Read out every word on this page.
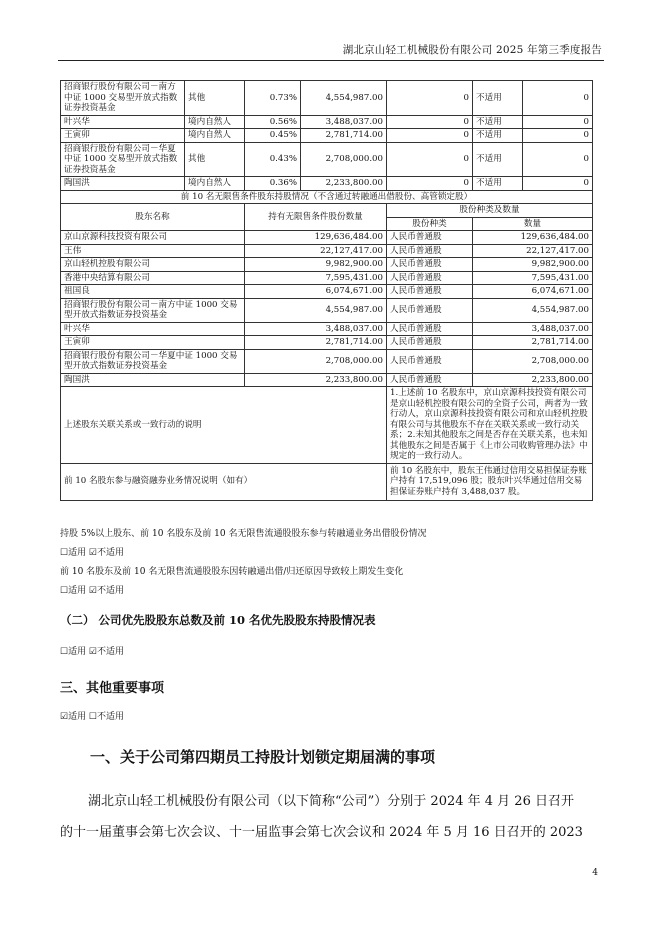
湖北京山轻工机械股份有限公司 2025 年第三季度报告
招商银行股份有限公司－南方中证 1000 交易型开放式指数证券投资基金	其他	0.73%	4,554,987.00	0	不适用	0
叶兴华	境内自然人	0.56%	3,488,037.00	0	不适用	0
王寅卯	境内自然人	0.45%	2,781,714.00	0	不适用	0
招商银行股份有限公司－华夏中证 1000 交易型开放式指数证券投资基金	其他	0.43%	2,708,000.00	0	不适用	0
陶国洪	境内自然人	0.36%	2,233,800.00	0	不适用	0
前 10 名无限售条件股东持股情况（不含通过转融通出借股份、高管锁定股）						
股东名称		持有无限售条件股份数量		股份种类及数量		
				股份种类	数量	
京山京源科技投资有限公司		129,636,484.00		人民币普通股	129,636,484.00	
王伟		22,127,417.00		人民币普通股	22,127,417.00	
京山轻机控股有限公司		9,982,900.00		人民币普通股	9,982,900.00	
香港中央结算有限公司		7,595,431.00		人民币普通股	7,595,431.00	
祖国良		6,074,671.00		人民币普通股	6,074,671.00	
招商银行股份有限公司－南方中证 1000 交易型开放式指数证券投资基金		4,554,987.00		人民币普通股	4,554,987.00	
叶兴华		3,488,037.00		人民币普通股	3,488,037.00	
王寅卯		2,781,714.00		人民币普通股	2,781,714.00	
招商银行股份有限公司－华夏中证 1000 交易型开放式指数证券投资基金		2,708,000.00		人民币普通股	2,708,000.00	
陶国洪		2,233,800.00		人民币普通股	2,233,800.00	
上述股东关联关系或一致行动的说明				1.上述前 10 名股东中，京山京源科技投资有限公司是京山轻机控股有限公司的全资子公司，两者为一致行动人，京山京源科技投资有限公司和京山轻机控股有限公司与其他股东不存在关联关系或一致行动关系；2.未知其他股东之间是否存在关联关系，也未知其他股东之间是否属于《上市公司收购管理办法》中规定的一致行动人。		
前 10 名股东参与融资融券业务情况说明（如有）				前 10 名股东中，股东王伟通过信用交易担保证券账户持有 17,519,096 股；股东叶兴华通过信用交易担保证券账户持有 3,488,037 股。		
持股 5%以上股东、前 10 名股东及前 10 名无限售流通股股东参与转融通业务出借股份情况
☐适用 ☑不适用
前 10 名股东及前 10 名无限售流通股股东因转融通出借/归还原因导致较上期发生变化
☐适用 ☑不适用
（二） 公司优先股股东总数及前 10 名优先股股东持股情况表
☐适用 ☑不适用
三、其他重要事项
☑适用 ☐不适用
一、关于公司第四期员工持股计划锁定期届满的事项
湖北京山轻工机械股份有限公司（以下简称“公司”）分别于 2024 年 4 月 26 日召开
的十一届董事会第七次会议、十一届监事会第七次会议和 2024 年 5 月 16 日召开的 2023
4
